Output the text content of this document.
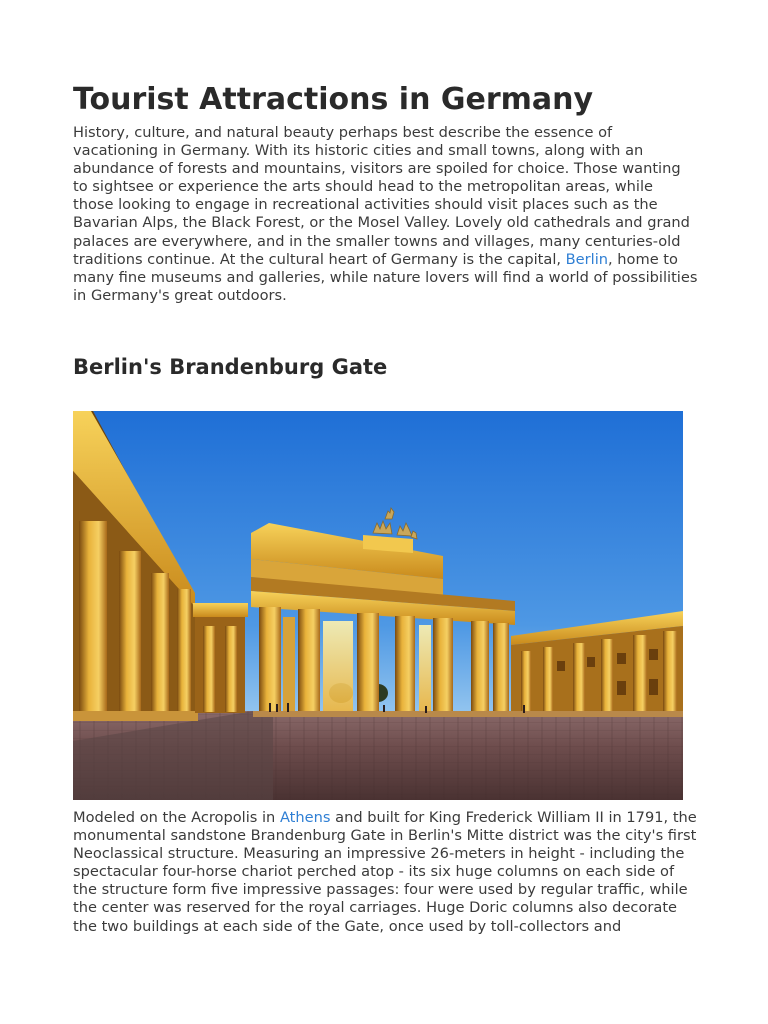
Tourist Attractions in Germany

History, culture, and natural beauty perhaps best describe the essence of vacationing in Germany. With its historic cities and small towns, along with an abundance of forests and mountains, visitors are spoiled for choice. Those wanting to sightsee or experience the arts should head to the metropolitan areas, while those looking to engage in recreational activities should visit places such as the Bavarian Alps, the Black Forest, or the Mosel Valley. Lovely old cathedrals and grand palaces are everywhere, and in the smaller towns and villages, many centuries-old traditions continue. At the cultural heart of Germany is the capital, Berlin, home to many fine museums and galleries, while nature lovers will find a world of possibilities in Germany's great outdoors.

Berlin's Brandenburg Gate

Modeled on the Acropolis in Athens and built for King Frederick William II in 1791, the monumental sandstone Brandenburg Gate in Berlin's Mitte district was the city's first Neoclassical structure. Measuring an impressive 26-meters in height - including the spectacular four-horse chariot perched atop - its six huge columns on each side of the structure form five impressive passages: four were used by regular traffic, while the center was reserved for the royal carriages. Huge Doric columns also decorate the two buildings at each side of the Gate, once used by toll-collectors and
